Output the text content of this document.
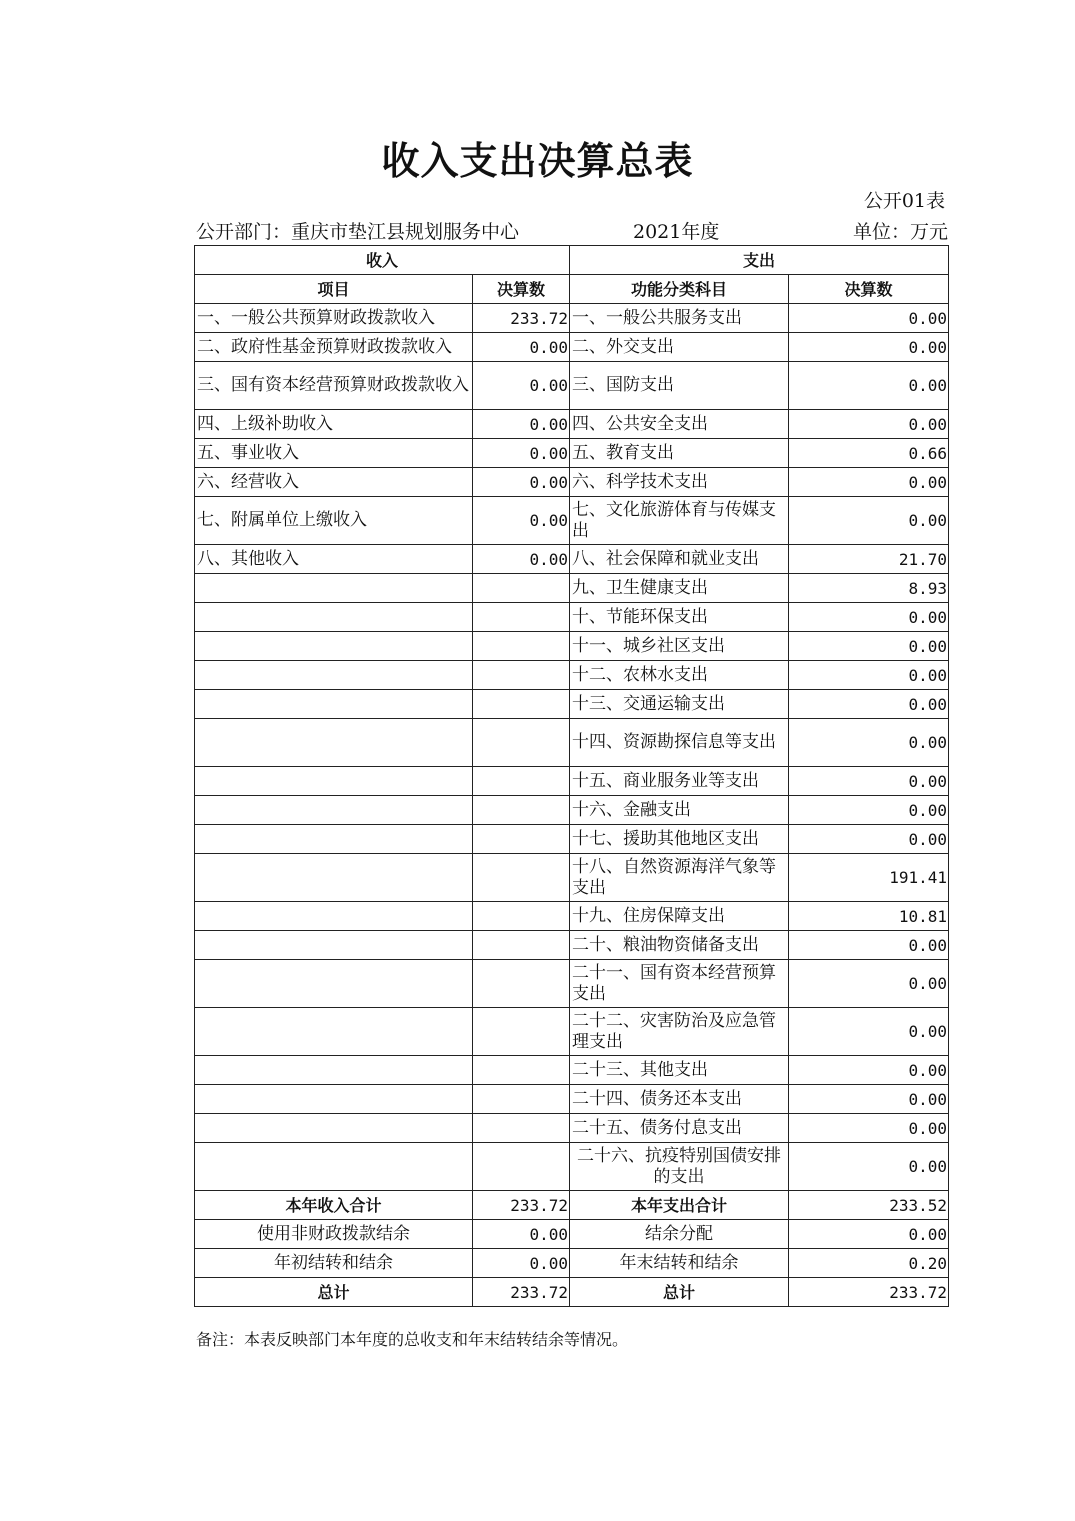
收入支出决算总表
公开01表
公开部门：重庆市垫江县规划服务中心	2021年度	单位：万元
收入		支出	
项目	决算数	功能分类科目	决算数
一、一般公共预算财政拨款收入	233.72	一、一般公共服务支出	0.00
二、政府性基金预算财政拨款收入	0.00	二、外交支出	0.00
三、国有资本经营预算财政拨款收入	0.00	三、国防支出	0.00
四、上级补助收入	0.00	四、公共安全支出	0.00
五、事业收入	0.00	五、教育支出	0.66
六、经营收入	0.00	六、科学技术支出	0.00
七、附属单位上缴收入	0.00	七、文化旅游体育与传媒支出	0.00
八、其他收入	0.00	八、社会保障和就业支出	21.70
		九、卫生健康支出	8.93
		十、节能环保支出	0.00
		十一、城乡社区支出	0.00
		十二、农林水支出	0.00
		十三、交通运输支出	0.00
		十四、资源勘探信息等支出	0.00
		十五、商业服务业等支出	0.00
		十六、金融支出	0.00
		十七、援助其他地区支出	0.00
		十八、自然资源海洋气象等支出	191.41
		十九、住房保障支出	10.81
		二十、粮油物资储备支出	0.00
		二十一、国有资本经营预算支出	0.00
		二十二、灾害防治及应急管理支出	0.00
		二十三、其他支出	0.00
		二十四、债务还本支出	0.00
		二十五、债务付息支出	0.00
		二十六、抗疫特别国债安排的支出	0.00
本年收入合计	233.72	本年支出合计	233.52
使用非财政拨款结余	0.00	结余分配	0.00
年初结转和结余	0.00	年末结转和结余	0.20
总计	233.72	总计	233.72
备注：本表反映部门本年度的总收支和年末结转结余等情况。
